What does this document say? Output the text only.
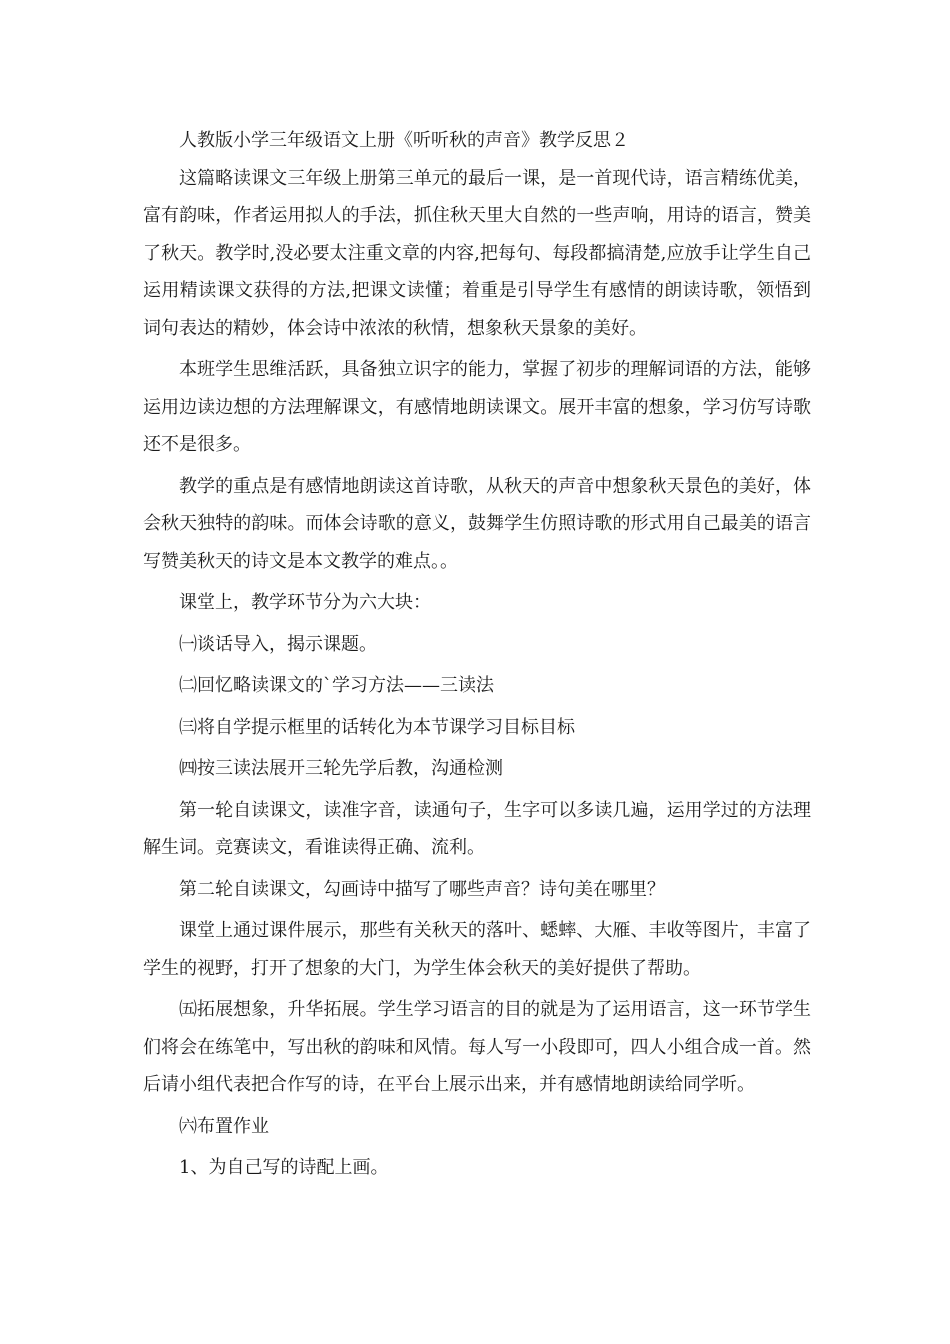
人教版小学三年级语文上册《听听秋的声音》教学反思２

这篇略读课文三年级上册第三单元的最后一课，是一首现代诗，语言精练优美，富有韵味，作者运用拟人的手法，抓住秋天里大自然的一些声响，用诗的语言，赞美了秋天。教学时,没必要太注重文章的内容,把每句、每段都搞清楚,应放手让学生自己运用精读课文获得的方法,把课文读懂；着重是引导学生有感情的朗读诗歌，领悟到词句表达的精妙，体会诗中浓浓的秋情，想象秋天景象的美好。

本班学生思维活跃，具备独立识字的能力，掌握了初步的理解词语的方法，能够运用边读边想的方法理解课文，有感情地朗读课文。展开丰富的想象，学习仿写诗歌还不是很多。

教学的重点是有感情地朗读这首诗歌，从秋天的声音中想象秋天景色的美好，体会秋天独特的韵味。而体会诗歌的意义，鼓舞学生仿照诗歌的形式用自己最美的语言写赞美秋天的诗文是本文教学的难点。。

课堂上，教学环节分为六大块：

㈠谈话导入，揭示课题。

㈡回忆略读课文的`学习方法——三读法

㈢将自学提示框里的话转化为本节课学习目标目标

㈣按三读法展开三轮先学后教，沟通检测

第一轮自读课文，读准字音，读通句子，生字可以多读几遍，运用学过的方法理解生词。竞赛读文，看谁读得正确、流利。

第二轮自读课文，勾画诗中描写了哪些声音？诗句美在哪里？

课堂上通过课件展示，那些有关秋天的落叶、蟋蟀、大雁、丰收等图片，丰富了学生的视野，打开了想象的大门，为学生体会秋天的美好提供了帮助。

㈤拓展想象，升华拓展。学生学习语言的目的就是为了运用语言，这一环节学生们将会在练笔中，写出秋的韵味和风情。每人写一小段即可，四人小组合成一首。然后请小组代表把合作写的诗，在平台上展示出来，并有感情地朗读给同学听。

㈥布置作业

1、为自己写的诗配上画。
